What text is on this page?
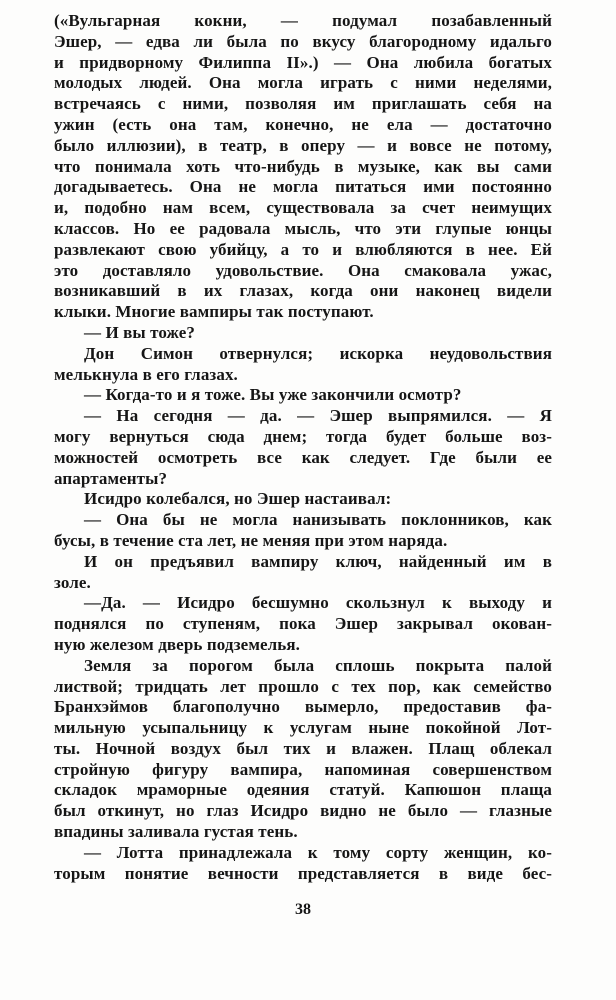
(«Вульгарная кокни, — подумал позабавленный
Эшер, — едва ли была по вкусу благородному идальго
и придворному Филиппа II».) — Она любила богатых
молодых людей. Она могла играть с ними неделями,
встречаясь с ними, позволяя им приглашать себя на
ужин (есть она там, конечно, не ела — достаточно
было иллюзии), в театр, в оперу — и вовсе не потому,
что понимала хоть что-нибудь в музыке, как вы сами
догадываетесь. Она не могла питаться ими постоянно
и, подобно нам всем, существовала за счет неимущих
классов. Но ее радовала мысль, что эти глупые юнцы
развлекают свою убийцу, а то и влюбляются в нее. Ей
это доставляло удовольствие. Она смаковала ужас,
возникавший в их глазах, когда они наконец видели
клыки. Многие вампиры так поступают.
— И вы тоже?
Дон Симон отвернулся; искорка неудовольствия
мелькнула в его глазах.
— Когда-то и я тоже. Вы уже закончили осмотр?
— На сегодня — да. — Эшер выпрямился. — Я
могу вернуться сюда днем; тогда будет больше воз-
можностей осмотреть все как следует. Где были ее
апартаменты?
Исидро колебался, но Эшер настаивал:
— Она бы не могла нанизывать поклонников, как
бусы, в течение ста лет, не меняя при этом наряда.
И он предъявил вампиру ключ, найденный им в
золе.
—Да. — Исидро бесшумно скользнул к выходу и
поднялся по ступеням, пока Эшер закрывал окован-
ную железом дверь подземелья.
Земля за порогом была сплошь покрыта палой
листвой; тридцать лет прошло с тех пор, как семейство
Бранхэймов благополучно вымерло, предоставив фа-
мильную усыпальницу к услугам ныне покойной Лот-
ты. Ночной воздух был тих и влажен. Плащ облекал
стройную фигуру вампира, напоминая совершенством
складок мраморные одеяния статуй. Капюшон плаща
был откинут, но глаз Исидро видно не было — глазные
впадины заливала густая тень.
— Лотта принадлежала к тому сорту женщин, ко-
торым понятие вечности представляется в виде бес-
38
